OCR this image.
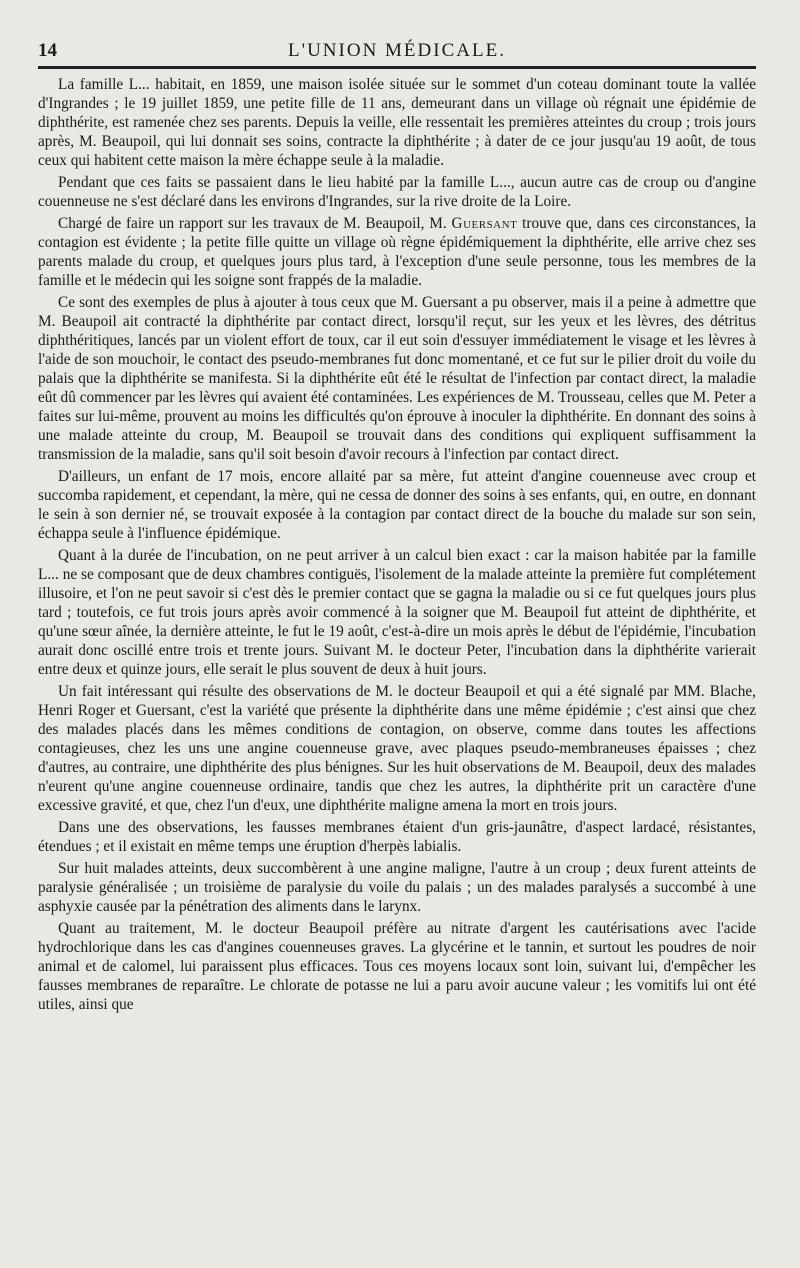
14	L'UNION MÉDICALE.

La famille L... habitait, en 1859, une maison isolée située sur le sommet d'un coteau dominant toute la vallée d'Ingrandes ; le 19 juillet 1859, une petite fille de 11 ans, demeurant dans un village où régnait une épidémie de diphthérite, est ramenée chez ses parents. Depuis la veille, elle ressentait les premières atteintes du croup ; trois jours après, M. Beaupoil, qui lui donnait ses soins, contracte la diphthérite ; à dater de ce jour jusqu'au 19 août, de tous ceux qui habitent cette maison la mère échappe seule à la maladie.

Pendant que ces faits se passaient dans le lieu habité par la famille L..., aucun autre cas de croup ou d'angine couenneuse ne s'est déclaré dans les environs d'Ingrandes, sur la rive droite de la Loire.

Chargé de faire un rapport sur les travaux de M. Beaupoil, M. Guersant trouve que, dans ces circonstances, la contagion est évidente ; la petite fille quitte un village où règne épidémiquement la diphthérite, elle arrive chez ses parents malade du croup, et quelques jours plus tard, à l'exception d'une seule personne, tous les membres de la famille et le médecin qui les soigne sont frappés de la maladie.

Ce sont des exemples de plus à ajouter à tous ceux que M. Guersant a pu observer, mais il a peine à admettre que M. Beaupoil ait contracté la diphthérite par contact direct, lorsqu'il reçut, sur les yeux et les lèvres, des détritus diphthéritiques, lancés par un violent effort de toux, car il eut soin d'essuyer immédiatement le visage et les lèvres à l'aide de son mouchoir, le contact des pseudo-membranes fut donc momentané, et ce fut sur le pilier droit du voile du palais que la diphthérite se manifesta. Si la diphthérite eût été le résultat de l'infection par contact direct, la maladie eût dû commencer par les lèvres qui avaient été contaminées. Les expériences de M. Trousseau, celles que M. Peter a faites sur lui-même, prouvent au moins les difficultés qu'on éprouve à inoculer la diphthérite. En donnant des soins à une malade atteinte du croup, M. Beaupoil se trouvait dans des conditions qui expliquent suffisamment la transmission de la maladie, sans qu'il soit besoin d'avoir recours à l'infection par contact direct.

D'ailleurs, un enfant de 17 mois, encore allaité par sa mère, fut atteint d'angine couenneuse avec croup et succomba rapidement, et cependant, la mère, qui ne cessa de donner des soins à ses enfants, qui, en outre, en donnant le sein à son dernier né, se trouvait exposée à la contagion par contact direct de la bouche du malade sur son sein, échappa seule à l'influence épidémique.

Quant à la durée de l'incubation, on ne peut arriver à un calcul bien exact : car la maison habitée par la famille L... ne se composant que de deux chambres contiguës, l'isolement de la malade atteinte la première fut complétement illusoire, et l'on ne peut savoir si c'est dès le premier contact que se gagna la maladie ou si ce fut quelques jours plus tard ; toutefois, ce fut trois jours après avoir commencé à la soigner que M. Beaupoil fut atteint de diphthérite, et qu'une sœur aînée, la dernière atteinte, le fut le 19 août, c'est-à-dire un mois après le début de l'épidémie, l'incubation aurait donc oscillé entre trois et trente jours. Suivant M. le docteur Peter, l'incubation dans la diphthérite varierait entre deux et quinze jours, elle serait le plus souvent de deux à huit jours.

Un fait intéressant qui résulte des observations de M. le docteur Beaupoil et qui a été signalé par MM. Blache, Henri Roger et Guersant, c'est la variété que présente la diphthérite dans une même épidémie ; c'est ainsi que chez des malades placés dans les mêmes conditions de contagion, on observe, comme dans toutes les affections contagieuses, chez les uns une angine couenneuse grave, avec plaques pseudo-membraneuses épaisses ; chez d'autres, au contraire, une diphthérite des plus bénignes. Sur les huit observations de M. Beaupoil, deux des malades n'eurent qu'une angine couenneuse ordinaire, tandis que chez les autres, la diphthérite prit un caractère d'une excessive gravité, et que, chez l'un d'eux, une diphthérite maligne amena la mort en trois jours.

Dans une des observations, les fausses membranes étaient d'un gris-jaunâtre, d'aspect lardacé, résistantes, étendues ; et il existait en même temps une éruption d'herpès labialis.

Sur huit malades atteints, deux succombèrent à une angine maligne, l'autre à un croup ; deux furent atteints de paralysie généralisée ; un troisième de paralysie du voile du palais ; un des malades paralysés a succombé à une asphyxie causée par la pénétration des aliments dans le larynx.

Quant au traitement, M. le docteur Beaupoil préfère au nitrate d'argent les cautérisations avec l'acide hydrochlorique dans les cas d'angines couenneuses graves. La glycérine et le tannin, et surtout les poudres de noir animal et de calomel, lui paraissent plus efficaces. Tous ces moyens locaux sont loin, suivant lui, d'empêcher les fausses membranes de reparaître. Le chlorate de potasse ne lui a paru avoir aucune valeur ; les vomitifs lui ont été utiles, ainsi que
